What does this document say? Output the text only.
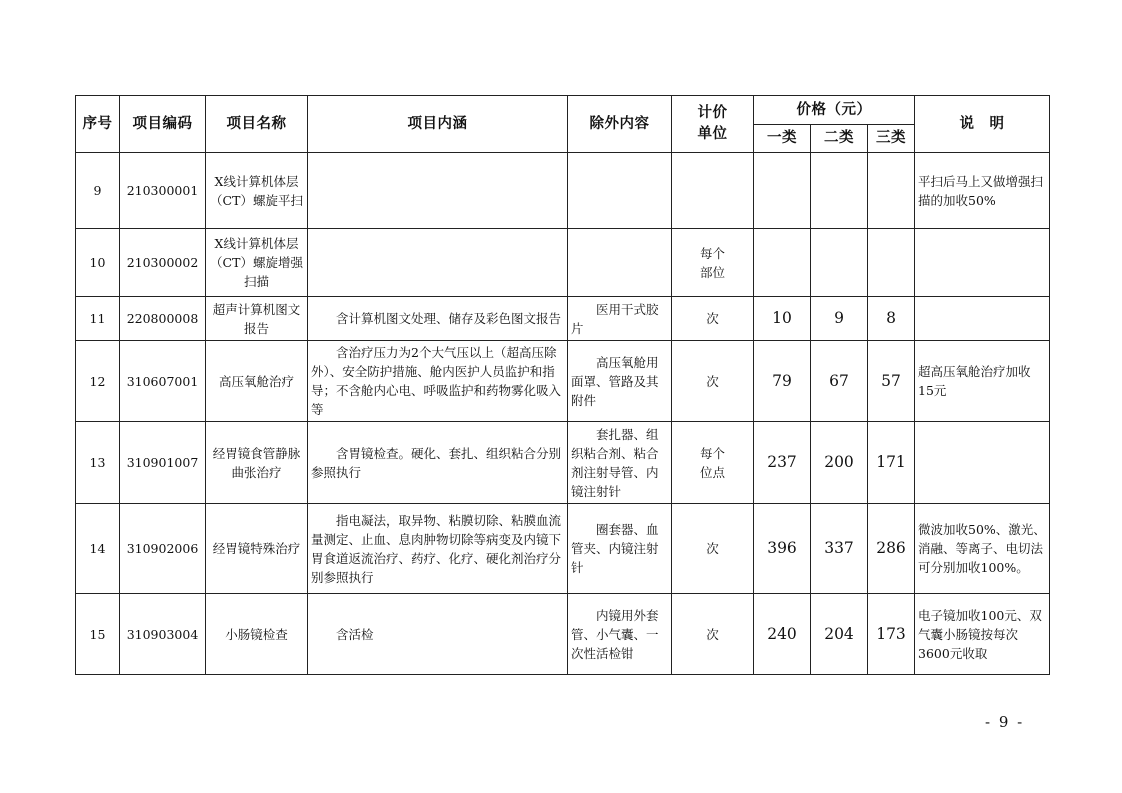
序号	项目编码	项目名称	项目内涵	除外内容	计价
单位	价格（元）			说　明
						一类	二类	三类	
9	210300001	X线计算机体层（CT）螺旋平扫							平扫后马上又做增强扫描的加收50%
10	210300002	X线计算机体层（CT）螺旋增强扫描			每个部位				
11	220800008	超声计算机图文报告	含计算机图文处理、储存及彩色图文报告	医用干式胶片	次	10	9	8	
12	310607001	高压氧舱治疗	含治疗压力为2个大气压以上（超高压除外）、安全防护措施、舱内医护人员监护和指导；不含舱内心电、呼吸监护和药物雾化吸入等	高压氧舱用面罩、管路及其附件	次	79	67	57	超高压氧舱治疗加收15元
13	310901007	经胃镜食管静脉曲张治疗	含胃镜检查。硬化、套扎、组织粘合分别参照执行	套扎器、组织粘合剂、粘合剂注射导管、内镜注射针	每个位点	237	200	171	
14	310902006	经胃镜特殊治疗	指电凝法，取异物、粘膜切除、粘膜血流量测定、止血、息肉肿物切除等病变及内镜下胃食道返流治疗、药疗、化疗、硬化剂治疗分别参照执行	圈套器、血管夹、内镜注射针	次	396	337	286	微波加收50%、激光、消融、等离子、电切法可分别加收100%。
15	310903004	小肠镜检查	含活检	内镜用外套管、小气囊、一次性活检钳	次	240	204	173	电子镜加收100元、双气囊小肠镜按每次3600元收取
- 9 -
